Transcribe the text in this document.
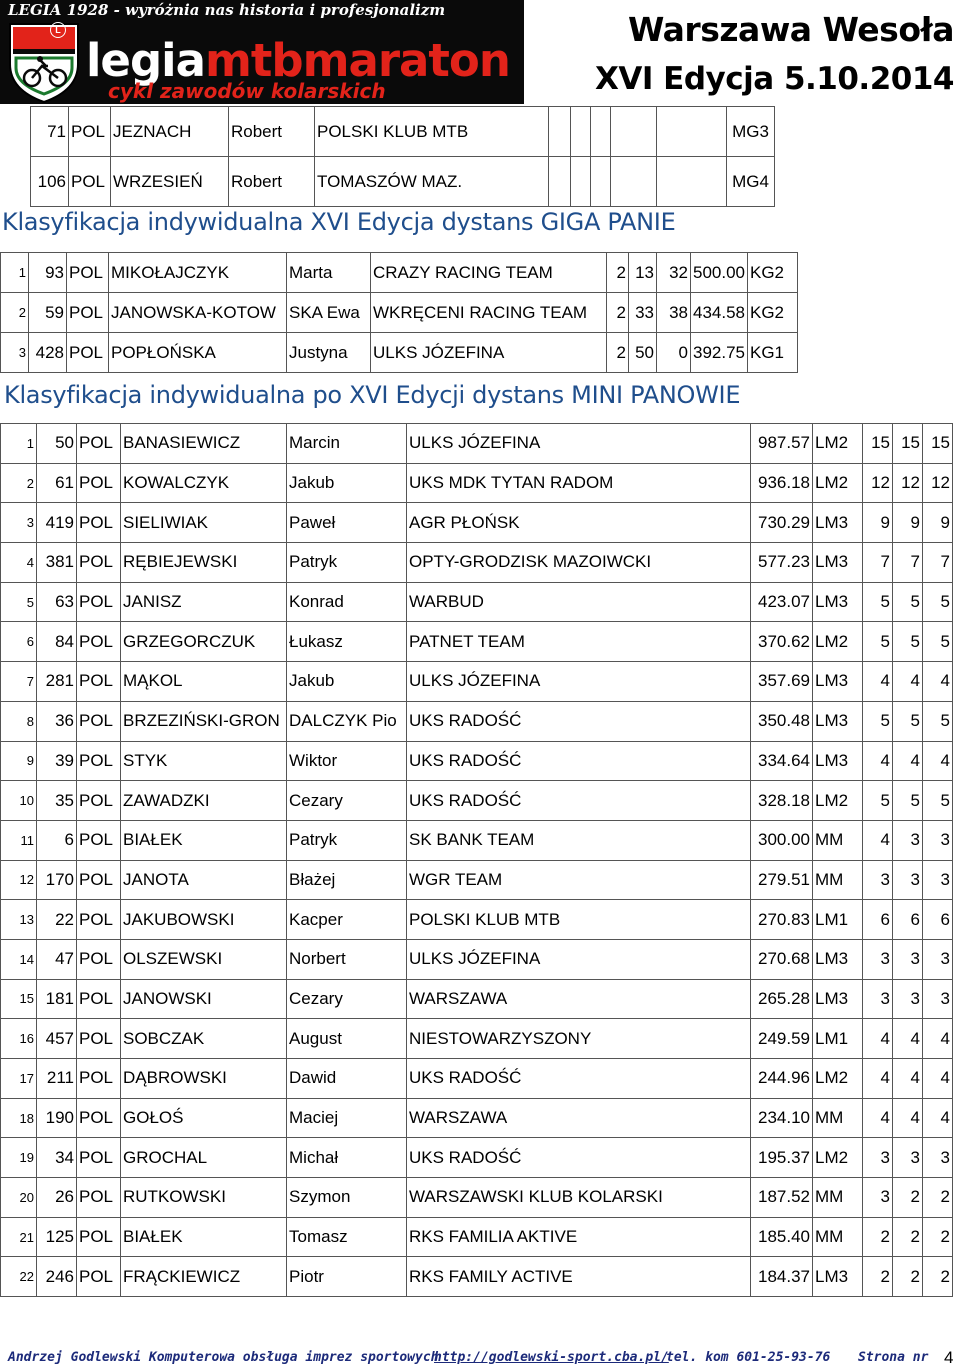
LEGIA 1928 - wyróżnia nas historia i profesjonalizm
L
legiamtbmaraton
cykl zawodów kolarskich
Warszawa Wesoła
XVI Edycja 5.10.2014
71	POL	JEZNACH	Robert	POLSKI KLUB MTB						MG3
106	POL	WRZESIEŃ	Robert	TOMASZÓW MAZ.						MG4
Klasyfikacja indywidualna XVI Edycja dystans GIGA PANIE
1	93	POL	MIKOŁAJCZYK	Marta	CRAZY RACING TEAM	2	13	32	500.00	KG2
2	59	POL	JANOWSKA-KOTOW	SKA Ewa	WKRĘCENI RACING TEAM	2	33	38	434.58	KG2
3	428	POL	POPŁOŃSKA	Justyna	ULKS JÓZEFINA	2	50	0	392.75	KG1
Klasyfikacja indywidualna po XVI Edycji dystans MINI PANOWIE
1	50	POL	BANASIEWICZ	Marcin	ULKS JÓZEFINA	987.57	LM2	15	15	15
2	61	POL	KOWALCZYK	Jakub	UKS MDK TYTAN RADOM	936.18	LM2	12	12	12
3	419	POL	SIELIWIAK	Paweł	AGR PŁOŃSK	730.29	LM3	9	9	9
4	381	POL	RĘBIEJEWSKI	Patryk	OPTY-GRODZISK MAZOIWCKI	577.23	LM3	7	7	7
5	63	POL	JANISZ	Konrad	WARBUD	423.07	LM3	5	5	5
6	84	POL	GRZEGORCZUK	Łukasz	PATNET TEAM	370.62	LM2	5	5	5
7	281	POL	MĄKOL	Jakub	ULKS JÓZEFINA	357.69	LM3	4	4	4
8	36	POL	BRZEZIŃSKI-GRON	DALCZYK Pio	UKS RADOŚĆ	350.48	LM3	5	5	5
9	39	POL	STYK	Wiktor	UKS RADOŚĆ	334.64	LM3	4	4	4
10	35	POL	ZAWADZKI	Cezary	UKS RADOŚĆ	328.18	LM2	5	5	5
11	6	POL	BIAŁEK	Patryk	SK BANK TEAM	300.00	MM	4	3	3
12	170	POL	JANOTA	Błażej	WGR TEAM	279.51	MM	3	3	3
13	22	POL	JAKUBOWSKI	Kacper	POLSKI KLUB MTB	270.83	LM1	6	6	6
14	47	POL	OLSZEWSKI	Norbert	ULKS JÓZEFINA	270.68	LM3	3	3	3
15	181	POL	JANOWSKI	Cezary	WARSZAWA	265.28	LM3	3	3	3
16	457	POL	SOBCZAK	August	NIESTOWARZYSZONY	249.59	LM1	4	4	4
17	211	POL	DĄBROWSKI	Dawid	UKS RADOŚĆ	244.96	LM2	4	4	4
18	190	POL	GOŁOŚ	Maciej	WARSZAWA	234.10	MM	4	4	4
19	34	POL	GROCHAL	Michał	UKS RADOŚĆ	195.37	LM2	3	3	3
20	26	POL	RUTKOWSKI	Szymon	WARSZAWSKI KLUB KOLARSKI	187.52	MM	3	2	2
21	125	POL	BIAŁEK	Tomasz	RKS FAMILIA AKTIVE	185.40	MM	2	2	2
22	246	POL	FRĄCKIEWICZ	Piotr	RKS FAMILY ACTIVE	184.37	LM3	2	2	2
Andrzej Godlewski Komputerowa obsługa imprez sportowych
http://godlewski-sport.cba.pl/
tel. kom 601-25-93-76 Strona nr 4
